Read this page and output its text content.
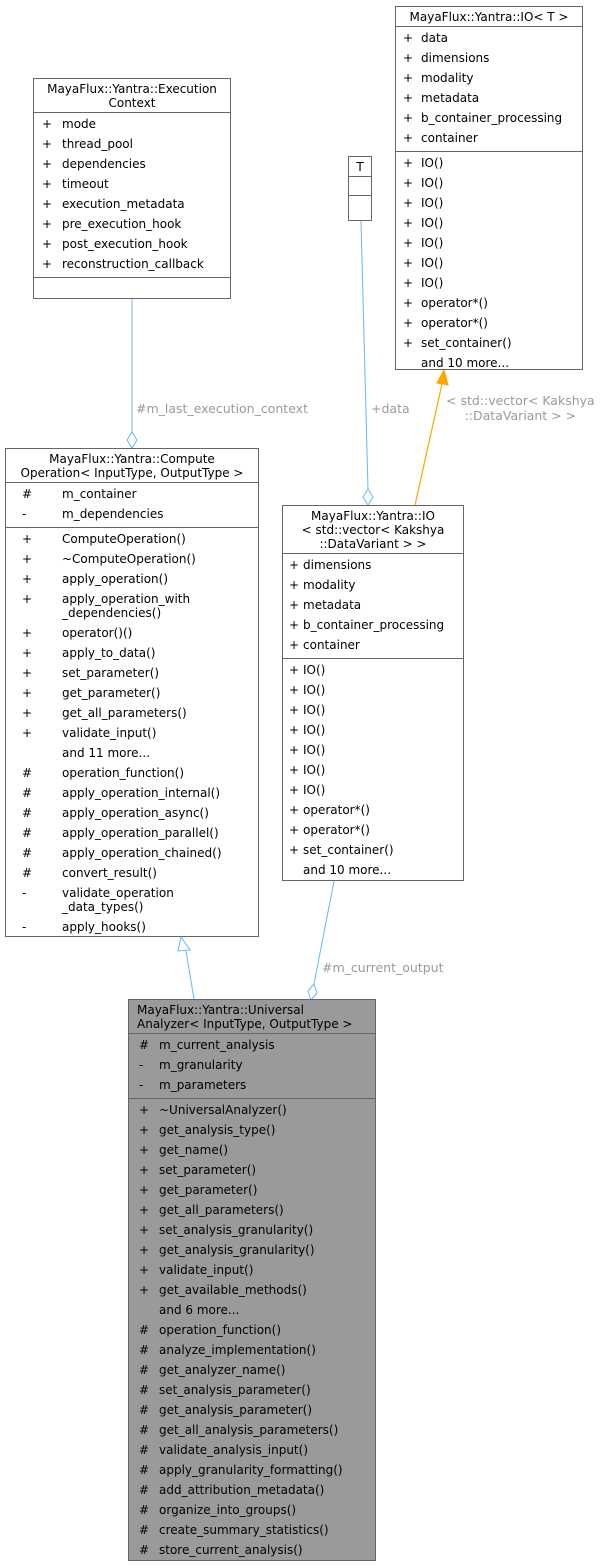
#m_last_execution_context	+data
< std::vector< Kakshya
::DataVariant > >
#m_current_output
MayaFlux::Yantra::Execution
Context
+ mode
+ thread_pool
+ dependencies
+ timeout
+ execution_metadata
+ pre_execution_hook
+ post_execution_hook
+ reconstruction_callback
T
MayaFlux::Yantra::IO< T >
+ data
+ dimensions
+ modality
+ metadata
+ b_container_processing
+ container
+ IO()
+ IO()
+ IO()
+ IO()
+ IO()
+ IO()
+ IO()
+ operator*()
+ operator*()
+ set_container()
and 10 more...
MayaFlux::Yantra::Compute
Operation< InputType, OutputType >
#	m_container
-	m_dependencies
+	ComputeOperation()
+	~ComputeOperation()
+	apply_operation()
+	apply_operation_with
_dependencies()
+	operator()()
+	apply_to_data()
+	set_parameter()
+	get_parameter()
+	get_all_parameters()
+	validate_input()
and 11 more...
#	operation_function()
#	apply_operation_internal()
#	apply_operation_async()
#	apply_operation_parallel()
#	apply_operation_chained()
#	convert_result()
-	validate_operation
_data_types()
-	apply_hooks()
MayaFlux::Yantra::IO
< std::vector< Kakshya
::DataVariant > >
+ dimensions
+ modality
+ metadata
+ b_container_processing
+ container
+ IO()
+ IO()
+ IO()
+ IO()
+ IO()
+ IO()
+ IO()
+ operator*()
+ operator*()
+ set_container()
and 10 more...
MayaFlux::Yantra::Universal
Analyzer< InputType, OutputType >
# m_current_analysis
-	m_granularity
-	m_parameters
+ ~UniversalAnalyzer()
+ get_analysis_type()
+ get_name()
+ set_parameter()
+ get_parameter()
+ get_all_parameters()
+ set_analysis_granularity()
+ get_analysis_granularity()
+ validate_input()
+ get_available_methods()
and 6 more...
# operation_function()
# analyze_implementation()
# get_analyzer_name()
# set_analysis_parameter()
# get_analysis_parameter()
# get_all_analysis_parameters()
# validate_analysis_input()
# apply_granularity_formatting()
# add_attribution_metadata()
# organize_into_groups()
# create_summary_statistics()
# store_current_analysis()
